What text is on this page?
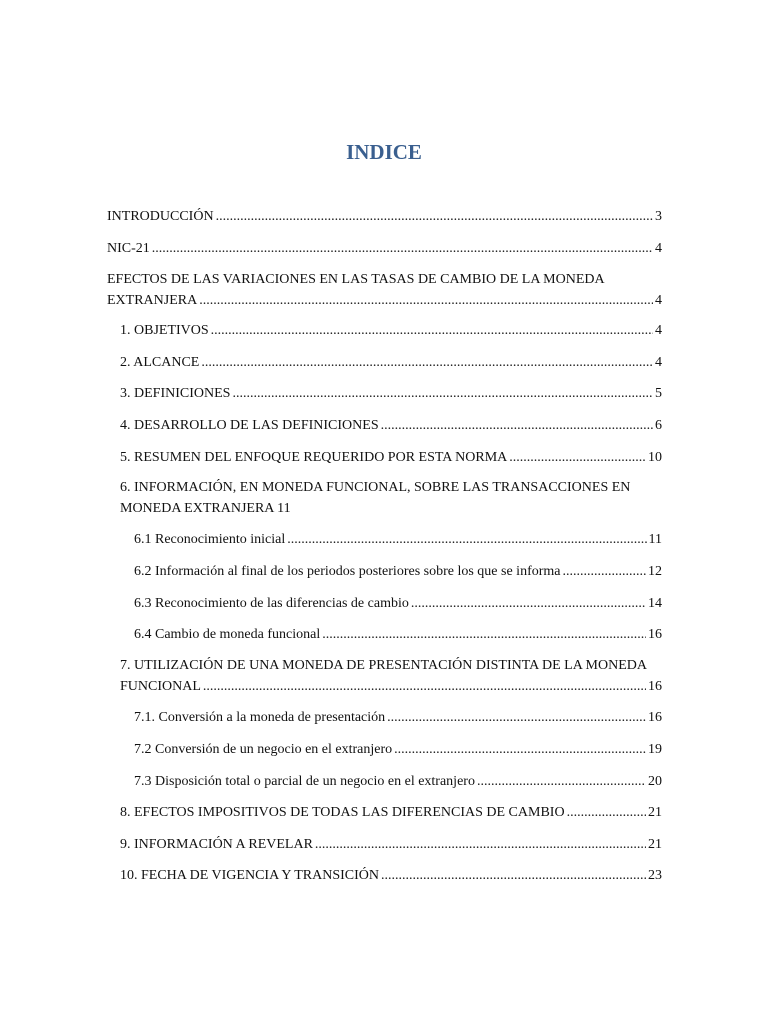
INDICE
INTRODUCCIÓN .....	3
NIC-21 .....	4
EFECTOS DE LAS VARIACIONES EN LAS TASAS DE CAMBIO DE LA MONEDA
EXTRANJERA .....	4
1. OBJETIVOS .....	4
2. ALCANCE .....	4
3. DEFINICIONES .....	5
4. DESARROLLO DE LAS DEFINICIONES .....	6
5. RESUMEN DEL ENFOQUE REQUERIDO POR ESTA NORMA .....	10
6. INFORMACIÓN, EN MONEDA FUNCIONAL, SOBRE LAS TRANSACCIONES EN
MONEDA EXTRANJERA 11
6.1 Reconocimiento inicial .....	11
6.2 Información al final de los periodos posteriores sobre los que se informa .....	12
6.3 Reconocimiento de las diferencias de cambio .....	14
6.4 Cambio de moneda funcional .....	16
7. UTILIZACIÓN DE UNA MONEDA DE PRESENTACIÓN DISTINTA DE LA MONEDA
FUNCIONAL .....	16
7.1. Conversión a la moneda de presentación .....	16
7.2 Conversión de un negocio en el extranjero .....	19
7.3 Disposición total o parcial de un negocio en el extranjero .....	20
8. EFECTOS IMPOSITIVOS DE TODAS LAS DIFERENCIAS DE CAMBIO .....	21
9. INFORMACIÓN A REVELAR .....	21
10. FECHA DE VIGENCIA Y TRANSICIÓN .....	23
